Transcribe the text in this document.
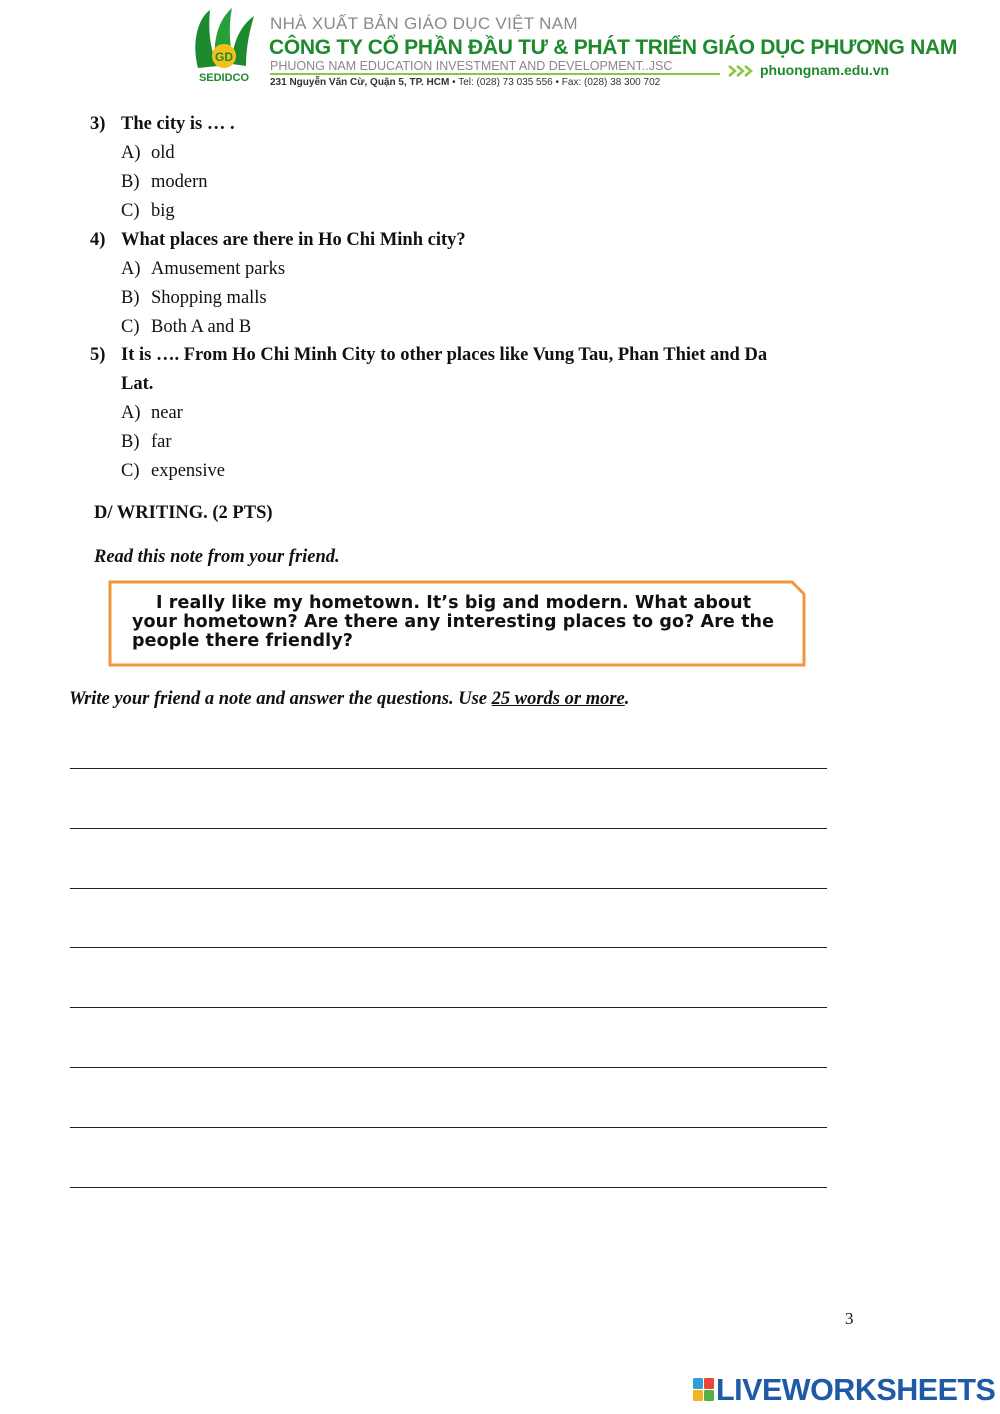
GD
SEDIDCO
NHÀ XUẤT BẢN GIÁO DỤC VIỆT NAM
CÔNG TY CỔ PHẦN ĐẦU TƯ & PHÁT TRIỂN GIÁO DỤC PHƯƠNG NAM
PHUONG NAM EDUCATION INVESTMENT AND DEVELOPMENT..JSC
231 Nguyễn Văn Cừ, Quận 5, TP. HCM • Tel: (028) 73 035 556 • Fax: (028) 38 300 702
phuongnam.edu.vn
3) The city is … .
A) old
B) modern
C) big
4) What places are there in Ho Chi Minh city?
A) Amusement parks
B) Shopping malls
C) Both A and B
5) It is …. From Ho Chi Minh City to other places like Vung Tau, Phan Thiet and Da
Lat.
A) near
B) far
C) expensive
D/ WRITING. (2 PTS)
Read this note from your friend.
I really like my hometown. It’s big and modern. What about
your hometown? Are there any interesting places to go? Are the
people there friendly?
Write your friend a note and answer the questions. Use 25 words or more.
3
LIVEWORKSHEETS
